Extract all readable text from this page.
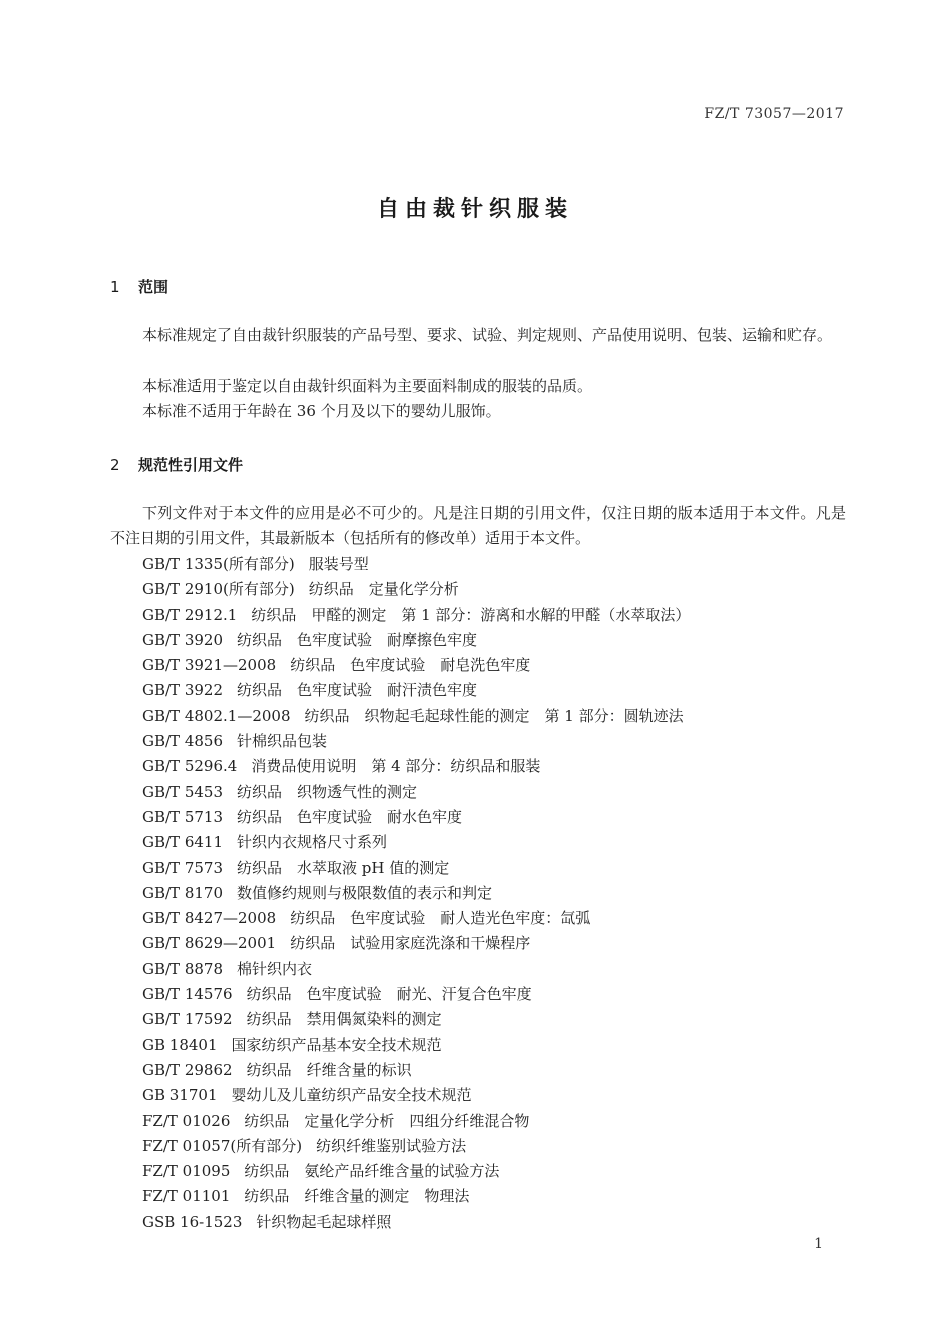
FZ/T 73057—2017
自由裁针织服装
1 范围
本标准规定了自由裁针织服装的产品号型、要求、试验、判定规则、产品使用说明、包装、运输和贮存。
本标准适用于鉴定以自由裁针织面料为主要面料制成的服装的品质。
本标准不适用于年龄在 36 个月及以下的婴幼儿服饰。
2 规范性引用文件
下列文件对于本文件的应用是必不可少的。凡是注日期的引用文件，仅注日期的版本适用于本文件。凡是不注日期的引用文件，其最新版本（包括所有的修改单）适用于本文件。
GB/T 1335(所有部分) 服装号型
GB/T 2910(所有部分) 纺织品　定量化学分析
GB/T 2912.1 纺织品　甲醛的测定　第 1 部分：游离和水解的甲醛（水萃取法）
GB/T 3920 纺织品　色牢度试验　耐摩擦色牢度
GB/T 3921—2008 纺织品　色牢度试验　耐皂洗色牢度
GB/T 3922 纺织品　色牢度试验　耐汗渍色牢度
GB/T 4802.1—2008 纺织品　织物起毛起球性能的测定　第 1 部分：圆轨迹法
GB/T 4856 针棉织品包装
GB/T 5296.4 消费品使用说明　第 4 部分：纺织品和服装
GB/T 5453 纺织品　织物透气性的测定
GB/T 5713 纺织品　色牢度试验　耐水色牢度
GB/T 6411 针织内衣规格尺寸系列
GB/T 7573 纺织品　水萃取液 pH 值的测定
GB/T 8170 数值修约规则与极限数值的表示和判定
GB/T 8427—2008 纺织品　色牢度试验　耐人造光色牢度：氙弧
GB/T 8629—2001 纺织品　试验用家庭洗涤和干燥程序
GB/T 8878 棉针织内衣
GB/T 14576 纺织品　色牢度试验　耐光、汗复合色牢度
GB/T 17592 纺织品　禁用偶氮染料的测定
GB 18401 国家纺织产品基本安全技术规范
GB/T 29862 纺织品　纤维含量的标识
GB 31701 婴幼儿及儿童纺织产品安全技术规范
FZ/T 01026 纺织品　定量化学分析　四组分纤维混合物
FZ/T 01057(所有部分) 纺织纤维鉴别试验方法
FZ/T 01095 纺织品　氨纶产品纤维含量的试验方法
FZ/T 01101 纺织品　纤维含量的测定　物理法
GSB 16-1523 针织物起毛起球样照
1
